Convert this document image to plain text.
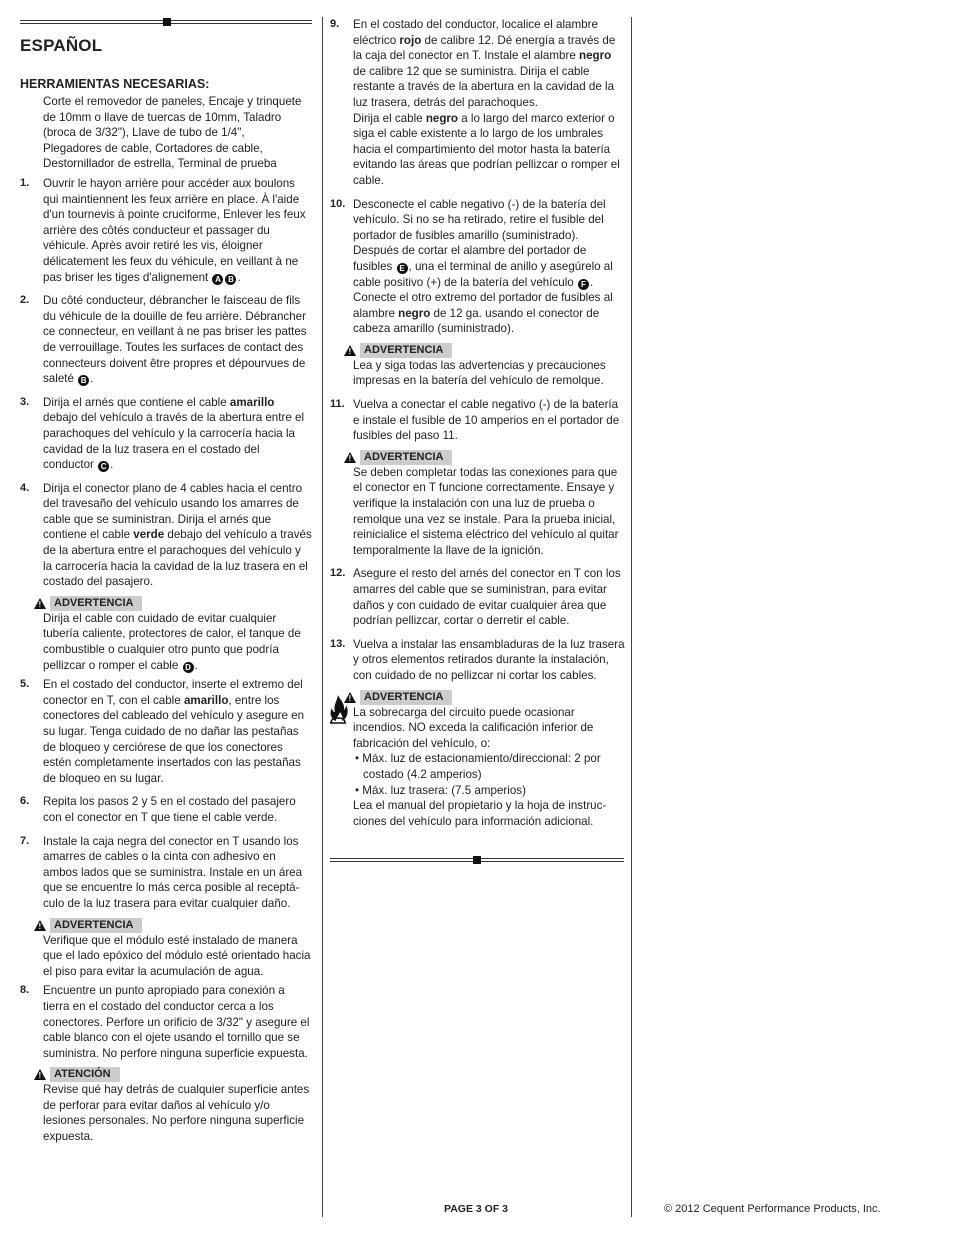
ESPAÑOL
HERRAMIENTAS NECESARIAS:
Corte el removedor de paneles, Encaje y trinquete de 10mm o llave de tuercas de 10mm, Taladro (broca de 3/32"), Llave de tubo de 1/4", Plegadores de cable, Cortadores de cable, Destornillador de estrella, Terminal de prueba
1. Ouvrir le hayon arrière pour accéder aux boulons qui maintiennent les feux arrière en place. À l'aide d'un tournevis à pointe cruciforme, Enlever les feux arrière des côtés conducteur et passager du véhicule. Après avoir retiré les vis, éloigner délicatement les feux du véhicule, en veillant à ne pas briser les tiges d'alignement A B .
2. Du côté conducteur, débrancher le faisceau de fils du véhicule de la douille de feu arrière. Débrancher ce connecteur, en veillant à ne pas briser les pattes de verrouillage. Toutes les surfaces de contact des connecteurs doivent être propres et dépourvues de saleté B .
3. Dirija el arnés que contiene el cable amarillo debajo del vehículo a través de la abertura entre el parachoques del vehículo y la carrocería hacia la cavidad de la luz trasera en el costado del conductor C .
4. Dirija el conector plano de 4 cables hacia el centro del travesaño del vehículo usando los amarres de cable que se suministran. Dirija el arnés que contiene el cable verde debajo del vehículo a través de la abertura entre el parachoques del vehículo y la carrocería hacia la cavidad de la luz trasera en el costado del pasajero.
!	ADVERTENCIA
Dirija el cable con cuidado de evitar cualquier tubería caliente, protectores de calor, el tanque de combustible o cualquier otro punto que podría pellizcar o romper el cable D .
5. En el costado del conductor, inserte el extremo del conector en T, con el cable amarillo, entre los conectores del cableado del vehículo y asegure en su lugar. Tenga cuidado de no dañar las pestañas de bloqueo y cerciórese de que los conectores estén completamente insertados con las pestañas de bloqueo en su lugar.
6. Repita los pasos 2 y 5 en el costado del pasajero con el conector en T que tiene el cable verde.
7. Instale la caja negra del conector en T usando los amarres de cables o la cinta con adhesivo en ambos lados que se suministra. Instale en un área que se encuentre lo más cerca posible al receptá-culo de la luz trasera para evitar cualquier daño.
!	ADVERTENCIA
Verifique que el módulo esté instalado de manera que el lado epóxico del módulo esté orientado hacia el piso para evitar la acumulación de agua.
8. Encuentre un punto apropiado para conexión a tierra en el costado del conductor cerca a los conectores. Perfore un orificio de 3/32" y asegure el cable blanco con el ojete usando el tornillo que se suministra. No perfore ninguna superficie expuesta.
!	ATENCIÓN
Revise qué hay detrás de cualquier superficie antes de perforar para evitar daños al vehículo y/o lesiones personales. No perfore ninguna superficie expuesta.
9. En el costado del conductor, localice el alambre eléctrico rojo de calibre 12. Dé energía a través de la caja del conector en T. Instale el alambre negro de calibre 12 que se suministra. Dirija el cable restante a través de la abertura en la cavidad de la luz trasera, detrás del parachoques.
Dirija el cable negro a lo largo del marco exterior o siga el cable existente a lo largo de los umbrales hacia el compartimiento del motor hasta la batería evitando las áreas que podrían pellizcar o romper el cable.
10. Desconecte el cable negativo (-) de la batería del vehículo. Si no se ha retirado, retire el fusible del portador de fusibles amarillo (suministrado). Después de cortar el alambre del portador de fusibles E , una el terminal de anillo y asegúrelo al cable positivo (+) de la batería del vehículo F . Conecte el otro extremo del portador de fusibles al alambre negro de 12 ga. usando el conector de cabeza amarillo (suministrado).
!	ADVERTENCIA
Lea y siga todas las advertencias y precauciones impresas en la batería del vehículo de remolque.
11. Vuelva a conectar el cable negativo (-) de la batería e instale el fusible de 10 amperios en el portador de fusibles del paso 11.
!	ADVERTENCIA
Se deben completar todas las conexiones para que el conector en T funcione correctamente. Ensaye y verifique la instalación con una luz de prueba o remolque una vez se instale. Para la prueba inicial, reinicialice el sistema eléctrico del vehículo al quitar temporalmente la llave de la ignición.
12. Asegure el resto del arnés del conector en T con los amarres del cable que se suministran, para evitar daños y con cuidado de evitar cualquier área que podrían pellizcar, cortar o derretir el cable.
13. Vuelva a instalar las ensambladuras de la luz trasera y otros elementos retirados durante la instalación, con cuidado de no pellizcar ni cortar los cables.
!	ADVERTENCIA
La sobrecarga del circuito puede ocasionar incendios. NO exceda la calificación inferior de fabricación del vehículo, o:
• Máx. luz de estacionamiento/direccional: 2 por costado (4.2 amperios)
• Máx. luz trasera: (7.5 amperios)
Lea el manual del propietario y la hoja de instruc-ciones del vehículo para información adicional.
PAGE 3 OF 3	© 2012 Cequent Performance Products, Inc.
